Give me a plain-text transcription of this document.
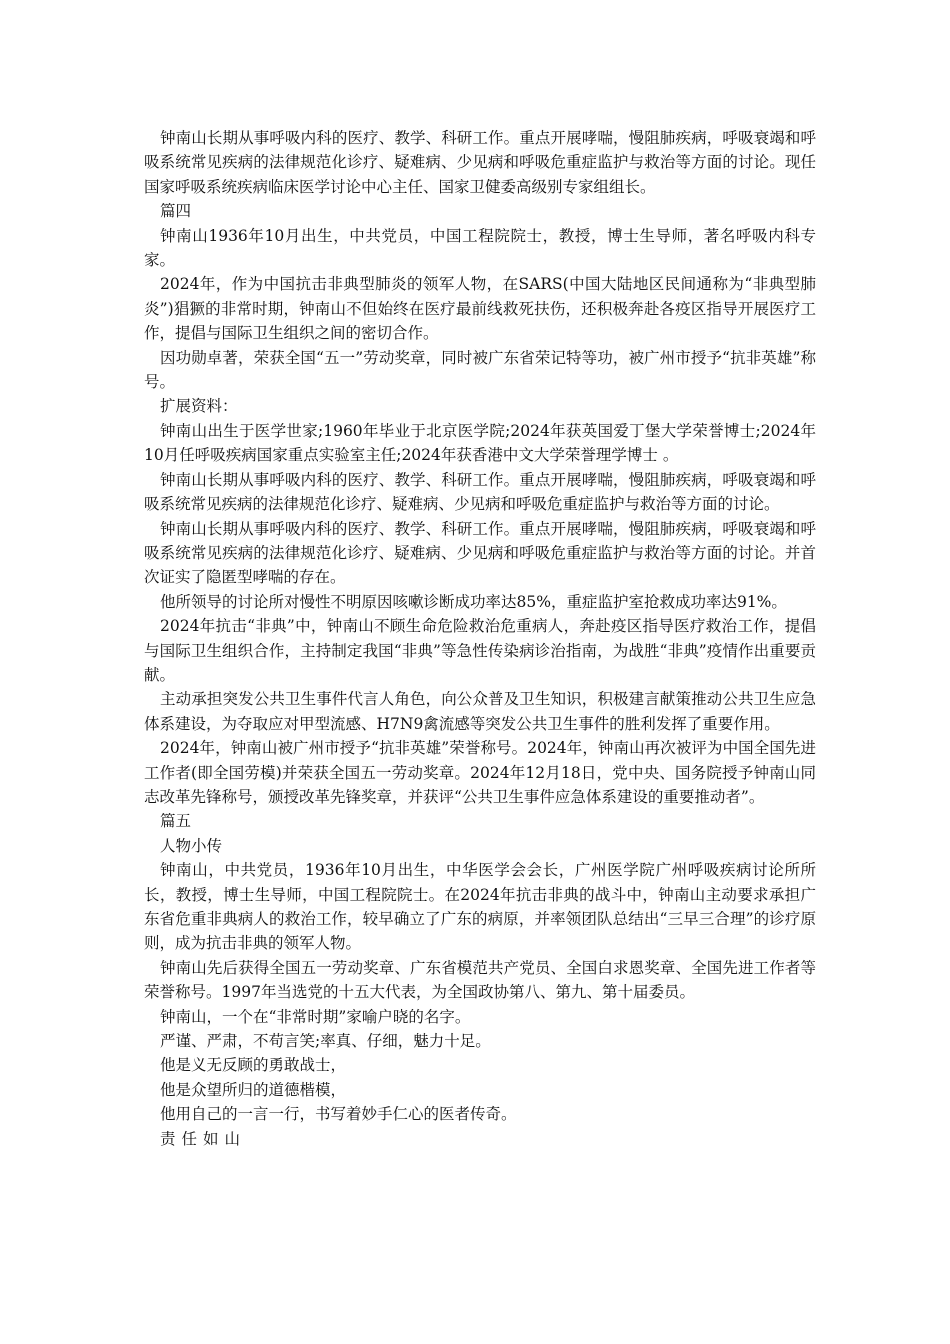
钟南山长期从事呼吸内科的医疗、教学、科研工作。重点开展哮喘，慢阻肺疾病，呼吸衰竭和呼吸系统常见疾病的法律规范化诊疗、疑难病、少见病和呼吸危重症监护与救治等方面的讨论。现任国家呼吸系统疾病临床医学讨论中心主任、国家卫健委高级别专家组组长。

篇四

钟南山1936年10月出生，中共党员，中国工程院院士，教授，博士生导师，著名呼吸内科专家。

2024年，作为中国抗击非典型肺炎的领军人物，在SARS(中国大陆地区民间通称为“非典型肺炎”)猖獗的非常时期，钟南山不但始终在医疗最前线救死扶伤，还积极奔赴各疫区指导开展医疗工作，提倡与国际卫生组织之间的密切合作。

因功勋卓著，荣获全国“五一”劳动奖章，同时被广东省荣记特等功，被广州市授予“抗非英雄”称号。

扩展资料：

钟南山出生于医学世家;1960年毕业于北京医学院;2024年获英国爱丁堡大学荣誉博士;2024年10月任呼吸疾病国家重点实验室主任;2024年获香港中文大学荣誉理学博士 。

钟南山长期从事呼吸内科的医疗、教学、科研工作。重点开展哮喘，慢阻肺疾病，呼吸衰竭和呼吸系统常见疾病的法律规范化诊疗、疑难病、少见病和呼吸危重症监护与救治等方面的讨论。

钟南山长期从事呼吸内科的医疗、教学、科研工作。重点开展哮喘，慢阻肺疾病，呼吸衰竭和呼吸系统常见疾病的法律规范化诊疗、疑难病、少见病和呼吸危重症监护与救治等方面的讨论。并首次证实了隐匿型哮喘的存在。

他所领导的讨论所对慢性不明原因咳嗽诊断成功率达85%，重症监护室抢救成功率达91%。

2024年抗击“非典”中，钟南山不顾生命危险救治危重病人，奔赴疫区指导医疗救治工作，提倡与国际卫生组织合作，主持制定我国“非典”等急性传染病诊治指南，为战胜“非典”疫情作出重要贡献。

主动承担突发公共卫生事件代言人角色，向公众普及卫生知识，积极建言献策推动公共卫生应急体系建设，为夺取应对甲型流感、H7N9禽流感等突发公共卫生事件的胜利发挥了重要作用。

2024年，钟南山被广州市授予“抗非英雄”荣誉称号。2024年，钟南山再次被评为中国全国先进工作者(即全国劳模)并荣获全国五一劳动奖章。2024年12月18日，党中央、国务院授予钟南山同志改革先锋称号，颁授改革先锋奖章，并获评“公共卫生事件应急体系建设的重要推动者”。

篇五

人物小传

钟南山，中共党员，1936年10月出生，中华医学会会长，广州医学院广州呼吸疾病讨论所所长，教授，博士生导师，中国工程院院士。在2024年抗击非典的战斗中，钟南山主动要求承担广东省危重非典病人的救治工作，较早确立了广东的病原，并率领团队总结出“三早三合理”的诊疗原则，成为抗击非典的领军人物。

钟南山先后获得全国五一劳动奖章、广东省模范共产党员、全国白求恩奖章、全国先进工作者等荣誉称号。1997年当选党的十五大代表，为全国政协第八、第九、第十届委员。

钟南山，一个在“非常时期”家喻户晓的名字。

严谨、严肃，不苟言笑;率真、仔细，魅力十足。

他是义无反顾的勇敢战士，

他是众望所归的道德楷模，

他用自己的一言一行，书写着妙手仁心的医者传奇。

责任如山
